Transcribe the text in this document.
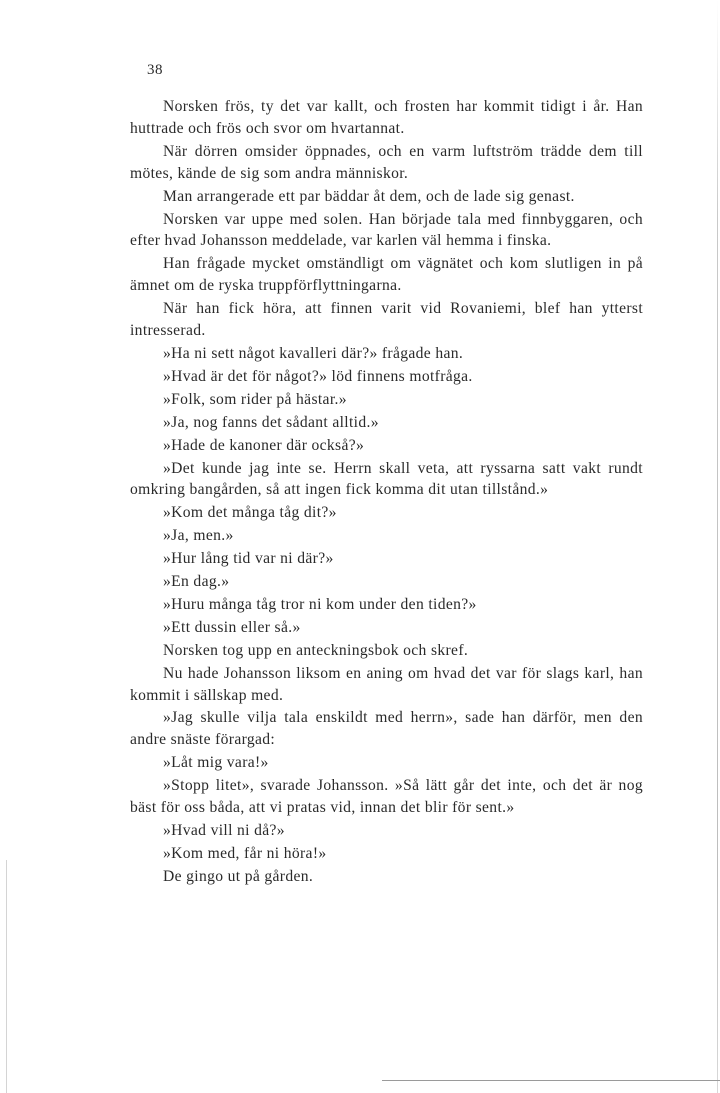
38

Norsken frös, ty det var kallt, och frosten har kommit tidigt i år. Han huttrade och frös och svor om hvartannat.

När dörren omsider öppnades, och en varm luftström trädde dem till mötes, kände de sig som andra människor.

Man arrangerade ett par bäddar åt dem, och de lade sig genast.

Norsken var uppe med solen. Han började tala med finnbyggaren, och efter hvad Johansson meddelade, var karlen väl hemma i finska.

Han frågade mycket omständligt om vägnätet och kom slutligen in på ämnet om de ryska truppförflyttningarna.

När han fick höra, att finnen varit vid Rovaniemi, blef han ytterst intresserad.

»Ha ni sett något kavalleri där?» frågade han.

»Hvad är det för något?» löd finnens motfråga.

»Folk, som rider på hästar.»

»Ja, nog fanns det sådant alltid.»

»Hade de kanoner där också?»

»Det kunde jag inte se. Herrn skall veta, att ryssarna satt vakt rundt omkring bangården, så att ingen fick komma dit utan tillstånd.»

»Kom det många tåg dit?»

»Ja, men.»

»Hur lång tid var ni där?»

»En dag.»

»Huru många tåg tror ni kom under den tiden?»

»Ett dussin eller så.»

Norsken tog upp en anteckningsbok och skref.

Nu hade Johansson liksom en aning om hvad det var för slags karl, han kommit i sällskap med.

»Jag skulle vilja tala enskildt med herrn», sade han därför, men den andre snäste förargad:

»Låt mig vara!»

»Stopp litet», svarade Johansson. »Så lätt går det inte, och det är nog bäst för oss båda, att vi pratas vid, innan det blir för sent.»

»Hvad vill ni då?»

»Kom med, får ni höra!»

De gingo ut på gården.
